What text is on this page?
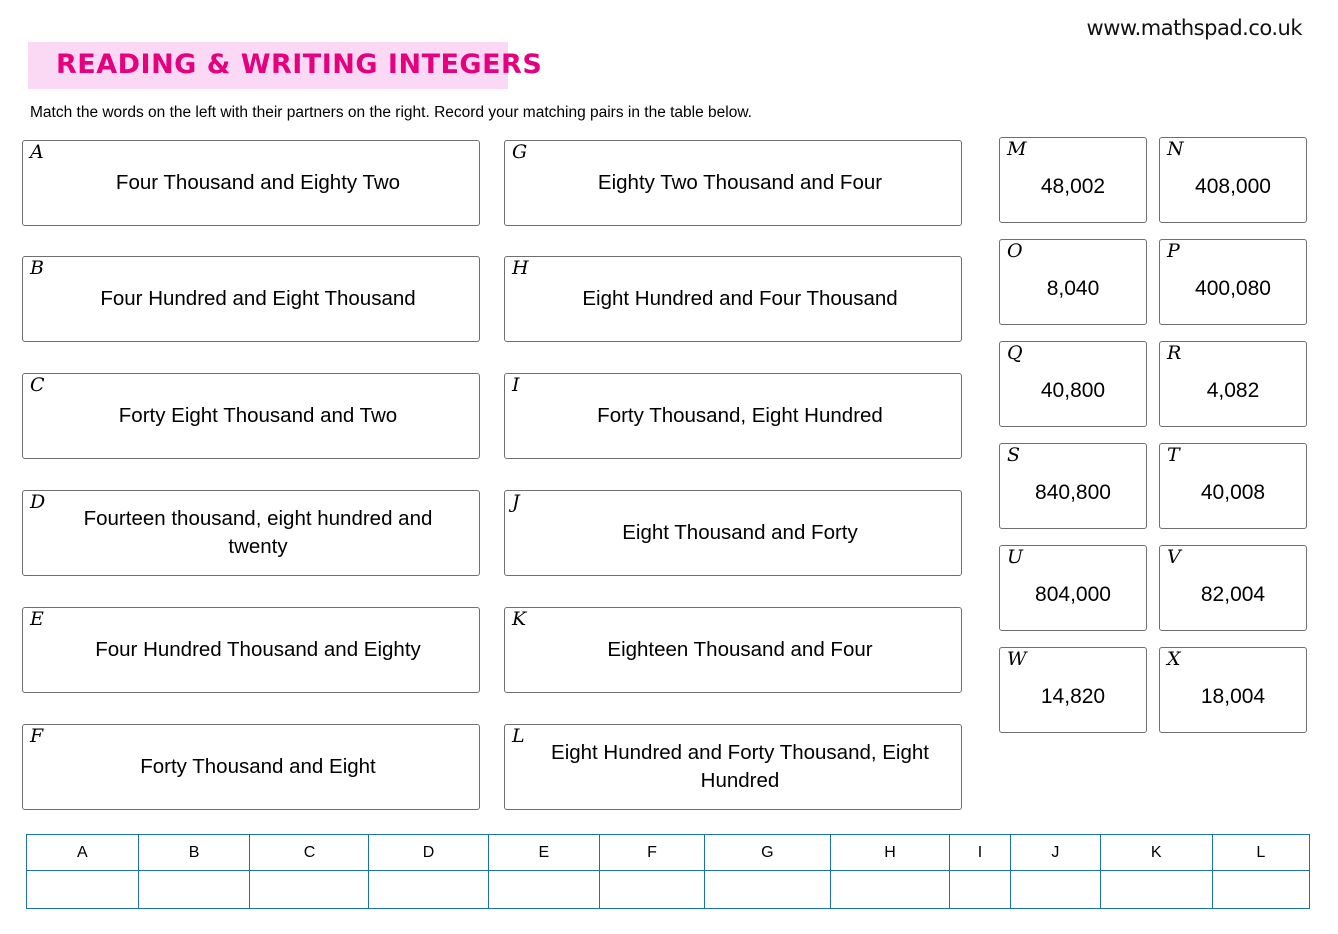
www.mathspad.co.uk
READING & WRITING INTEGERS
Match the words on the left with their partners on the right. Record your matching pairs in the table below.
A
Four Thousand and Eighty Two
B
Four Hundred and Eight Thousand
C
Forty Eight Thousand and Two
D
Fourteen thousand, eight hundred and twenty
E
Four Hundred Thousand and Eighty
F
Forty Thousand and Eight
G
Eighty Two Thousand and Four
H
Eight Hundred and Four Thousand
I
Forty Thousand, Eight Hundred
J
Eight Thousand and Forty
K
Eighteen Thousand and Four
L
Eight Hundred and Forty Thousand, Eight Hundred
M
48,002
N
408,000
O
8,040
P
400,080
Q
40,800
R
4,082
S
840,800
T
40,008
U
804,000
V
82,004
W
14,820
X
18,004
A	B	C	D	E	F	G	H	I	J	K	L
